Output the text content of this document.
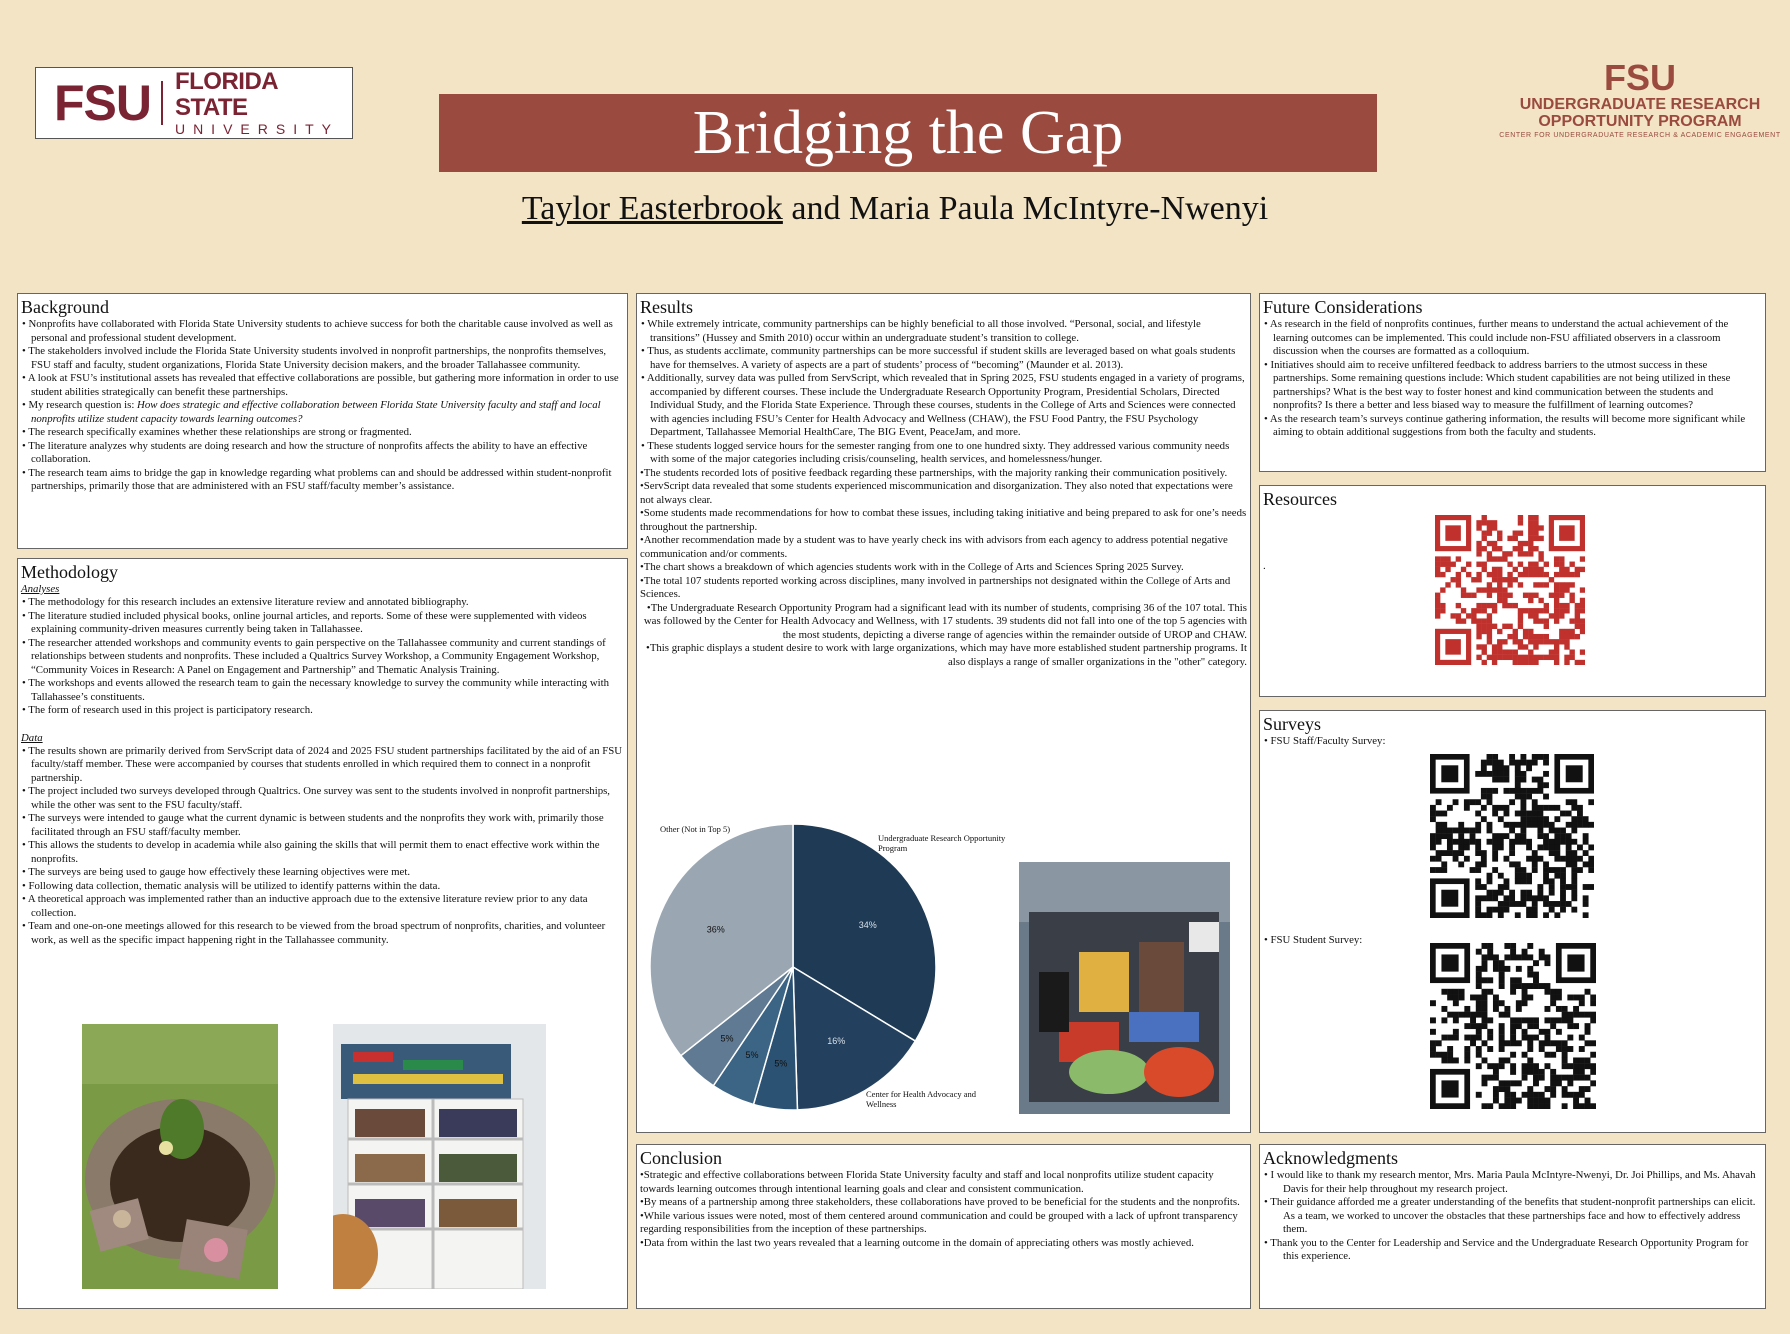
FSU FLORIDA STATE
UNIVERSITY	Bridging the Gap
Taylor Easterbrook and Maria Paula McIntyre-Nwenyi
FSU
UNDERGRADUATE RESEARCH
OPPORTUNITY PROGRAM
CENTER FOR UNDERGRADUATE RESEARCH & ACADEMIC ENGAGEMENT
Background
• Nonprofits have collaborated with Florida State University students to achieve success for both the charitable cause involved as well as personal and professional student development.
• The stakeholders involved include the Florida State University students involved in nonprofit partnerships, the nonprofits themselves, FSU staff and faculty, student organizations, Florida State University decision makers, and the broader Tallahassee community.
• A look at FSU’s institutional assets has revealed that effective collaborations are possible, but gathering more information in order to use student abilities strategically can benefit these partnerships.
• My research question is: How does strategic and effective collaboration between Florida State University faculty and staff and local nonprofits utilize student capacity towards learning outcomes?
• The research specifically examines whether these relationships are strong or fragmented.
• The literature analyzes why students are doing research and how the structure of nonprofits affects the ability to have an effective collaboration.
• The research team aims to bridge the gap in knowledge regarding what problems can and should be addressed within student-nonprofit partnerships, primarily those that are administered with an FSU staff/faculty member’s assistance.
Methodology
Analyses
• The methodology for this research includes an extensive literature review and annotated bibliography.
• The literature studied included physical books, online journal articles, and reports. Some of these were supplemented with videos explaining community-driven measures currently being taken in Tallahassee.
• The researcher attended workshops and community events to gain perspective on the Tallahassee community and current standings of relationships between students and nonprofits. These included a Qualtrics Survey Workshop, a Community Engagement Workshop, “Community Voices in Research: A Panel on Engagement and Partnership” and Thematic Analysis Training.
• The workshops and events allowed the research team to gain the necessary knowledge to survey the community while interacting with Tallahassee’s constituents.
• The form of research used in this project is participatory research.
Data
• The results shown are primarily derived from ServScript data of 2024 and 2025 FSU student partnerships facilitated by the aid of an FSU faculty/staff member. These were accompanied by courses that students enrolled in which required them to connect in a nonprofit partnership.
• The project included two surveys developed through Qualtrics. One survey was sent to the students involved in nonprofit partnerships, while the other was sent to the FSU faculty/staff.
• The surveys were intended to gauge what the current dynamic is between students and the nonprofits they work with, primarily those facilitated through an FSU staff/faculty member.
• This allows the students to develop in academia while also gaining the skills that will permit them to enact effective work within the nonprofits.
• The surveys are being used to gauge how effectively these learning objectives were met.
• Following data collection, thematic analysis will be utilized to identify patterns within the data.
• A theoretical approach was implemented rather than an inductive approach due to the extensive literature review prior to any data collection.
• Team and one-on-one meetings allowed for this research to be viewed from the broad spectrum of nonprofits, charities, and volunteer work, as well as the specific impact happening right in the Tallahassee community.
Results
• While extremely intricate, community partnerships can be highly beneficial to all those involved. “Personal, social, and lifestyle transitions” (Hussey and Smith 2010) occur within an undergraduate student’s transition to college.
• Thus, as students acclimate, community partnerships can be more successful if student skills are leveraged based on what goals students have for themselves. A variety of aspects are a part of students’ process of “becoming” (Maunder et al. 2013).
• Additionally, survey data was pulled from ServScript, which revealed that in Spring 2025, FSU students engaged in a variety of programs, accompanied by different courses. These include the Undergraduate Research Opportunity Program, Presidential Scholars, Directed Individual Study, and the Florida State Experience. Through these courses, students in the College of Arts and Sciences were connected with agencies including FSU’s Center for Health Advocacy and Wellness (CHAW), the FSU Food Pantry, the FSU Psychology Department, Tallahassee Memorial HealthCare, The BIG Event, PeaceJam, and more.
• These students logged service hours for the semester ranging from one to one hundred sixty. They addressed various community needs with some of the major categories including crisis/counseling, health services, and homelessness/hunger.
• The students recorded lots of positive feedback regarding these partnerships, with the majority ranking their communication positively.
• ServScript data revealed that some students experienced miscommunication and disorganization. They also noted that expectations were not always clear.
• Some students made recommendations for how to combat these issues, including taking initiative and being prepared to ask for one’s needs throughout the partnership.
• Another recommendation made by a student was to have yearly check ins with advisors from each agency to address potential negative communication and/or comments.
• The chart shows a breakdown of which agencies students work with in the College of Arts and Sciences Spring 2025 Survey.
• The total 107 students reported working across disciplines, many involved in partnerships not designated within the College of Arts and Sciences.
• The Undergraduate Research Opportunity Program had a significant lead with its number of students, comprising 36 of the 107 total. This was followed by the Center for Health Advocacy and Wellness, with 17 students. 39 students did not fall into one of the top 5 agencies with the most students, depicting a diverse range of agencies within the remainder outside of UROP and CHAW.
• This graphic displays a student desire to work with large organizations, which may have more established student partnership programs. It also displays a range of smaller organizations in the "other" category.
34%
16%
5%
5%
5%
36%
Undergraduate Research Opportunity Program
Center for Health Advocacy and Wellness
Other (Not in Top 5)
Future Considerations
• As research in the field of nonprofits continues, further means to understand the actual achievement of the learning outcomes can be implemented. This could include non-FSU affiliated observers in a classroom discussion when the courses are formatted as a colloquium.
• Initiatives should aim to receive unfiltered feedback to address barriers to the utmost success in these partnerships. Some remaining questions include: Which student capabilities are not being utilized in these partnerships? What is the best way to foster honest and kind communication between the students and nonprofits? Is there a better and less biased way to measure the fulfillment of learning outcomes?
• As the research team’s surveys continue gathering information, the results will become more significant while aiming to obtain additional suggestions from both the faculty and students.
Resources
.
Surveys
• FSU Staff/Faculty Survey:
• FSU Student Survey:
Conclusion
• Strategic and effective collaborations between Florida State University faculty and staff and local nonprofits utilize student capacity towards learning outcomes through intentional learning goals and clear and consistent communication.
• By means of a partnership among three stakeholders, these collaborations have proved to be beneficial for the students and the nonprofits.
• While various issues were noted, most of them centered around communication and could be grouped with a lack of upfront transparency regarding responsibilities from the inception of these partnerships.
• Data from within the last two years revealed that a learning outcome in the domain of appreciating others was mostly achieved.
Acknowledgments
• I would like to thank my research mentor, Mrs. Maria Paula McIntyre-Nwenyi, Dr. Joi Phillips, and Ms. Ahavah Davis for their help throughout my research project.
• Their guidance afforded me a greater understanding of the benefits that student-nonprofit partnerships can elicit. As a team, we worked to uncover the obstacles that these partnerships face and how to effectively address them.
• Thank you to the Center for Leadership and Service and the Undergraduate Research Opportunity Program for this experience.
